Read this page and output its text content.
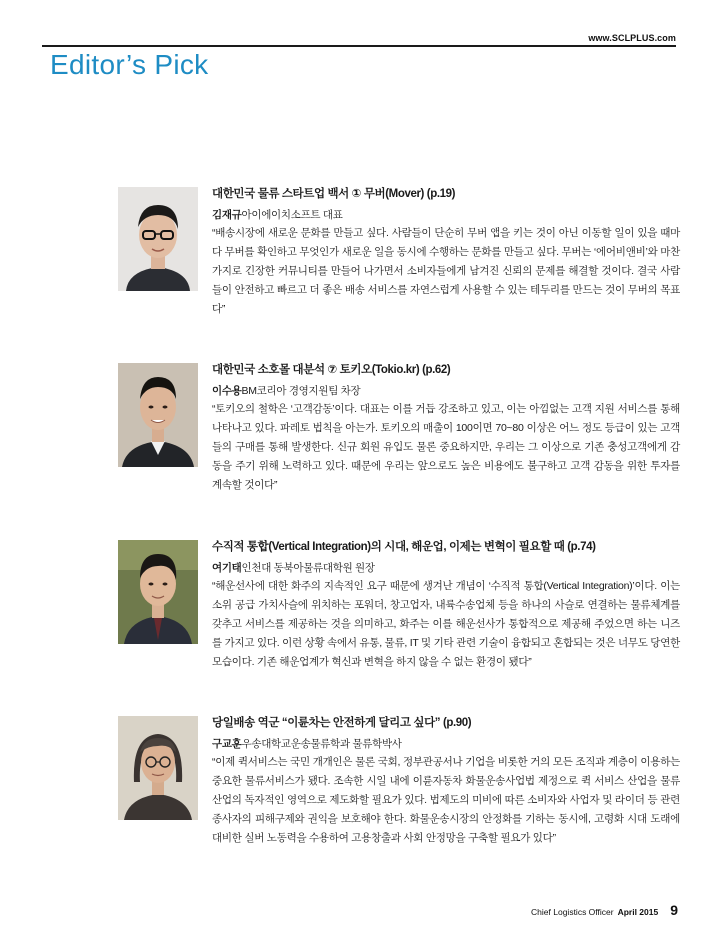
www.SCLPLUS.com
Editor’s Pick
대한민국 물류 스타트업 백서 ① 무버(Mover) (p.19)
김재규아이에이치소프트 대표
“배송시장에 새로운 문화를 만들고 싶다. 사람들이 단순히 무버 앱을 키는 것이 아닌 이동할 일이 있을 때마다 무버를 확인하고 무엇인가 새로운 일을 동시에 수행하는 문화를 만들고 싶다. 무버는 ‘에어비앤비’와 마찬가지로 긴장한 커뮤니티를 만들어 나가면서 소비자들에게 남겨진 신뢰의 문제를 해결할 것이다. 결국 사람들이 안전하고 빠르고 더 좋은 배송 서비스를 자연스럽게 사용할 수 있는 테두리를 만드는 것이 무버의 목표다”
대한민국 소호몰 대분석 ⑦ 토키오(Tokio.kr) (p.62)
이수용BM코리아 경영지원팀 차장
“토키오의 철학은 ‘고객감동’이다. 대표는 이를 거듭 강조하고 있고, 이는 아낌없는 고객 지원 서비스를 통해 나타나고 있다. 파레토 법칙을 아는가. 토키오의 매출이 100이면 70~80 이상은 어느 정도 등급이 있는 고객들의 구매를 통해 발생한다. 신규 회원 유입도 물론 중요하지만, 우리는 그 이상으로 기존 충성고객에게 감동을 주기 위해 노력하고 있다. 때문에 우리는 앞으로도 높은 비용에도 불구하고 고객 감동을 위한 투자를 계속할 것이다”
수직적 통합(Vertical Integration)의 시대, 해운업, 이제는 변혁이 필요할 때 (p.74)
여기태인천대 동북아물류대학원 원장
“해운선사에 대한 화주의 지속적인 요구 때문에 생겨난 개념이 ‘수직적 통합(Vertical Integration)’이다. 이는 소위 공급 가치사슬에 위치하는 포워더, 창고업자, 내륙수송업체 등을 하나의 사슬로 연결하는 물류체계를 갖추고 서비스를 제공하는 것을 의미하고, 화주는 이를 해운선사가 통합적으로 제공해 주었으면 하는 니즈를 가지고 있다. 이런 상황 속에서 유통, 물류, IT 및 기타 관련 기술이 융합되고 혼합되는 것은 너무도 당연한 모습이다. 기존 해운업계가 혁신과 변혁을 하지 않을 수 없는 환경이 됐다”
당일배송 역군 “이륜차는 안전하게 달리고 싶다” (p.90)
구교훈우송대학교운송물류학과 물류학박사
“이제 퀵서비스는 국민 개개인은 물론 국회, 정부관공서나 기업을 비롯한 거의 모든 조직과 계층이 이용하는 중요한 물류서비스가 됐다. 조속한 시일 내에 이륜자동차 화물운송사업법 제정으로 퀵 서비스 산업을 물류산업의 독자적인 영역으로 제도화할 필요가 있다. 법제도의 미비에 따른 소비자와 사업자 및 라이더 등 관련 종사자의 피해구제와 권익을 보호해야 한다. 화물운송시장의 안정화를 기하는 동시에, 고령화 시대 도래에 대비한 실버 노동력을 수용하여 고용창출과 사회 안정망을 구축할 필요가 있다”
Chief Logistics Officer April 2015 9
